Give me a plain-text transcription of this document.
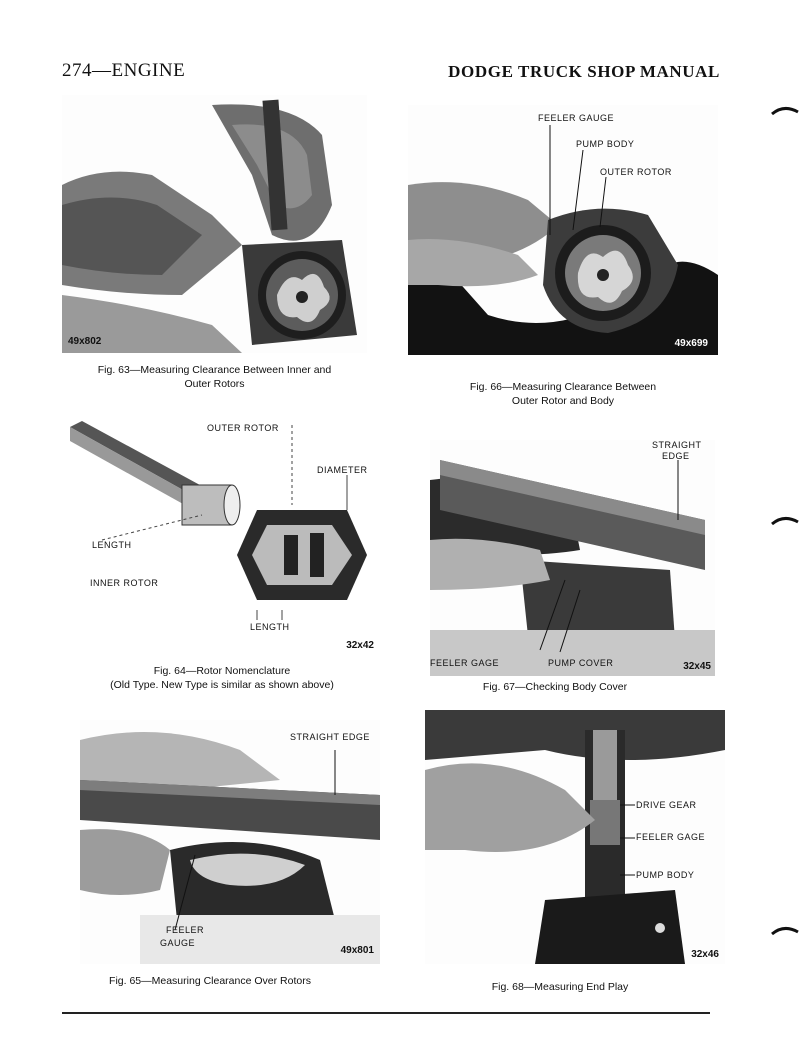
274—ENGINE	DODGE TRUCK SHOP MANUAL
49x802
Fig. 63—Measuring Clearance Between Inner and
Outer Rotors
FEELER GAUGE
PUMP BODY
OUTER ROTOR
49x699
Fig. 66—Measuring Clearance Between
Outer Rotor and Body
OUTER ROTOR
DIAMETER
LENGTH
INNER ROTOR
LENGTH
32x42
Fig. 64—Rotor Nomenclature
(Old Type. New Type is similar as shown above)
STRAIGHT
EDGE
FEELER GAGE	PUMP COVER	32x45
Fig. 67—Checking Body Cover
STRAIGHT EDGE
FEELER
GAUGE
49x801
Fig. 65—Measuring Clearance Over Rotors
DRIVE GEAR
FEELER GAGE
PUMP BODY
32x46
Fig. 68—Measuring End Play
